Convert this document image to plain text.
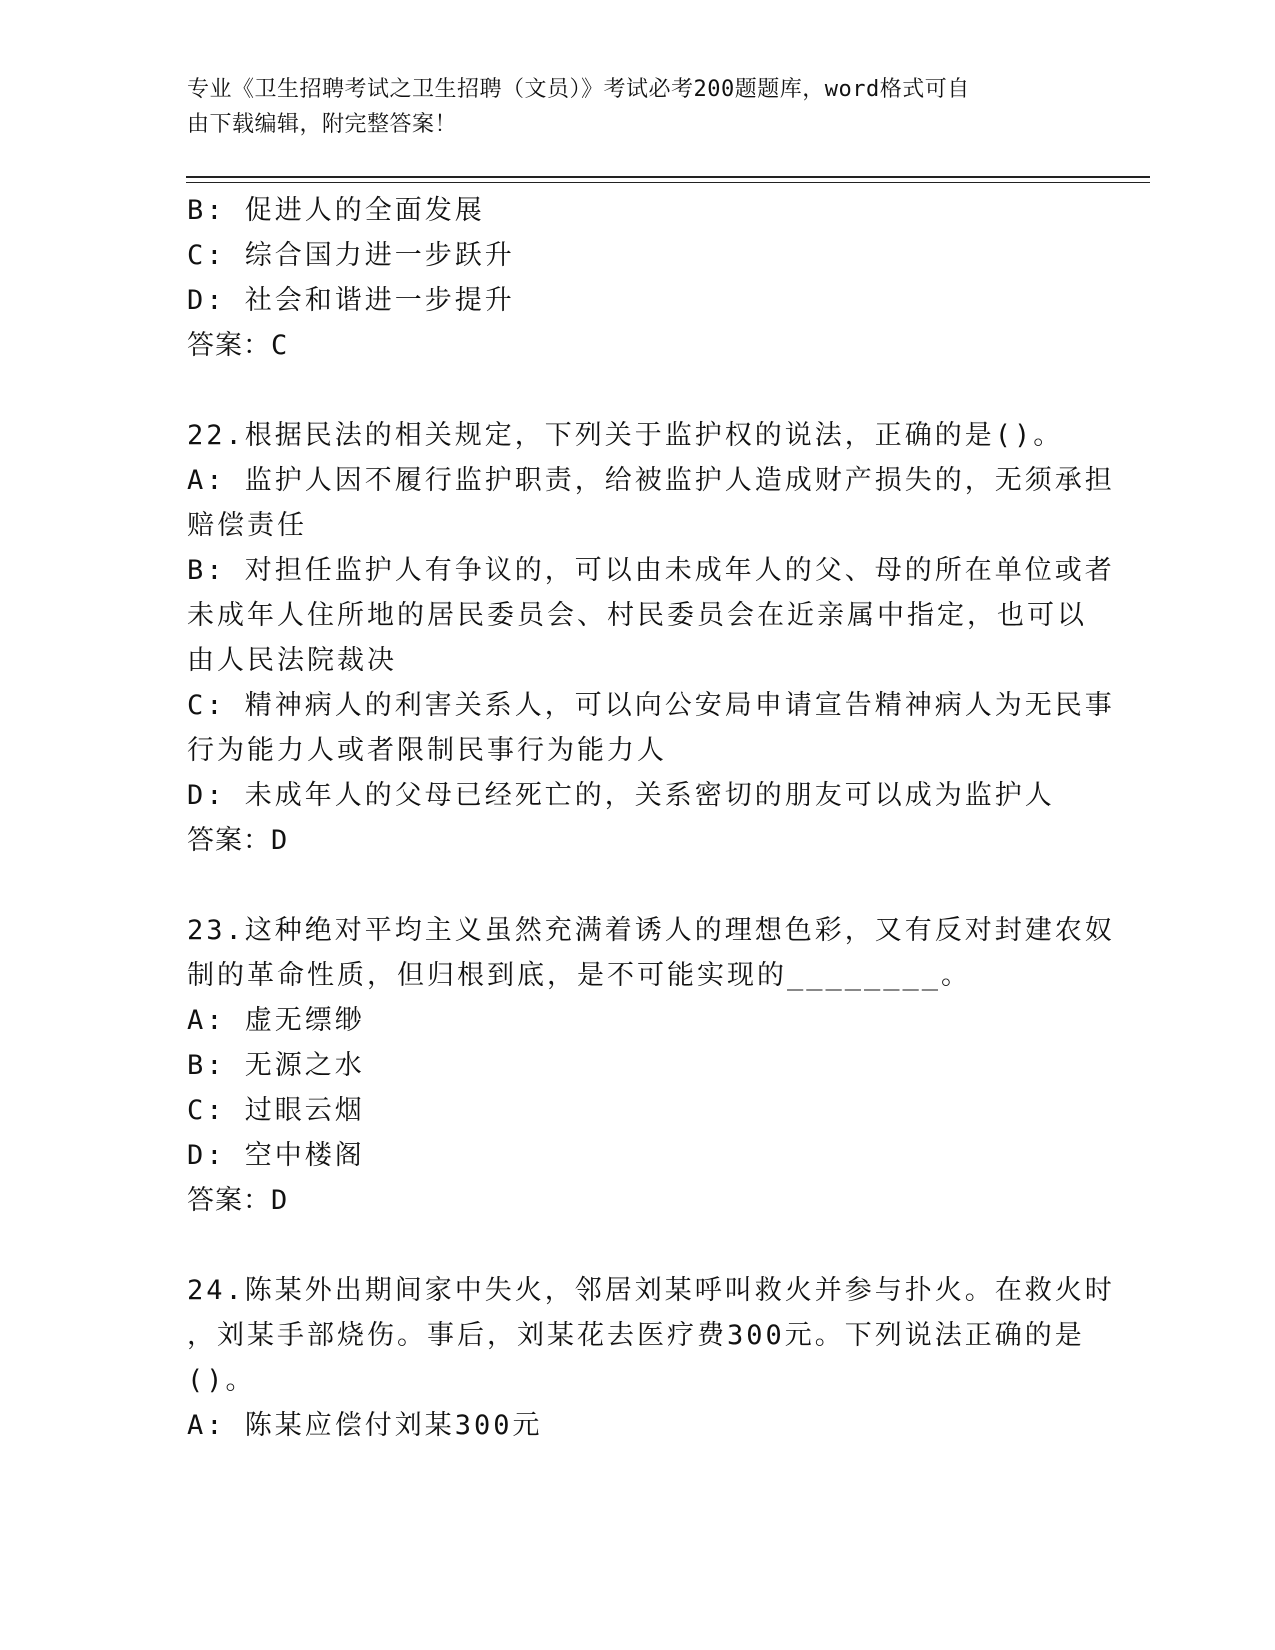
专业《卫生招聘考试之卫生招聘（文员）》考试必考200题题库，word格式可自
由下载编辑，附完整答案！
B: 促进人的全面发展
C: 综合国力进一步跃升
D: 社会和谐进一步提升
答案：C
22.根据民法的相关规定，下列关于监护权的说法，正确的是()。
A: 监护人因不履行监护职责，给被监护人造成财产损失的，无须承担
赔偿责任
B: 对担任监护人有争议的，可以由未成年人的父、母的所在单位或者
未成年人住所地的居民委员会、村民委员会在近亲属中指定，也可以
由人民法院裁决
C: 精神病人的利害关系人，可以向公安局申请宣告精神病人为无民事
行为能力人或者限制民事行为能力人
D: 未成年人的父母已经死亡的，关系密切的朋友可以成为监护人
答案：D
23.这种绝对平均主义虽然充满着诱人的理想色彩，又有反对封建农奴
制的革命性质，但归根到底，是不可能实现的________。
A: 虚无缥缈
B: 无源之水
C: 过眼云烟
D: 空中楼阁
答案：D
24.陈某外出期间家中失火，邻居刘某呼叫救火并参与扑火。在救火时
，刘某手部烧伤。事后，刘某花去医疗费300元。下列说法正确的是
()。
A: 陈某应偿付刘某300元
